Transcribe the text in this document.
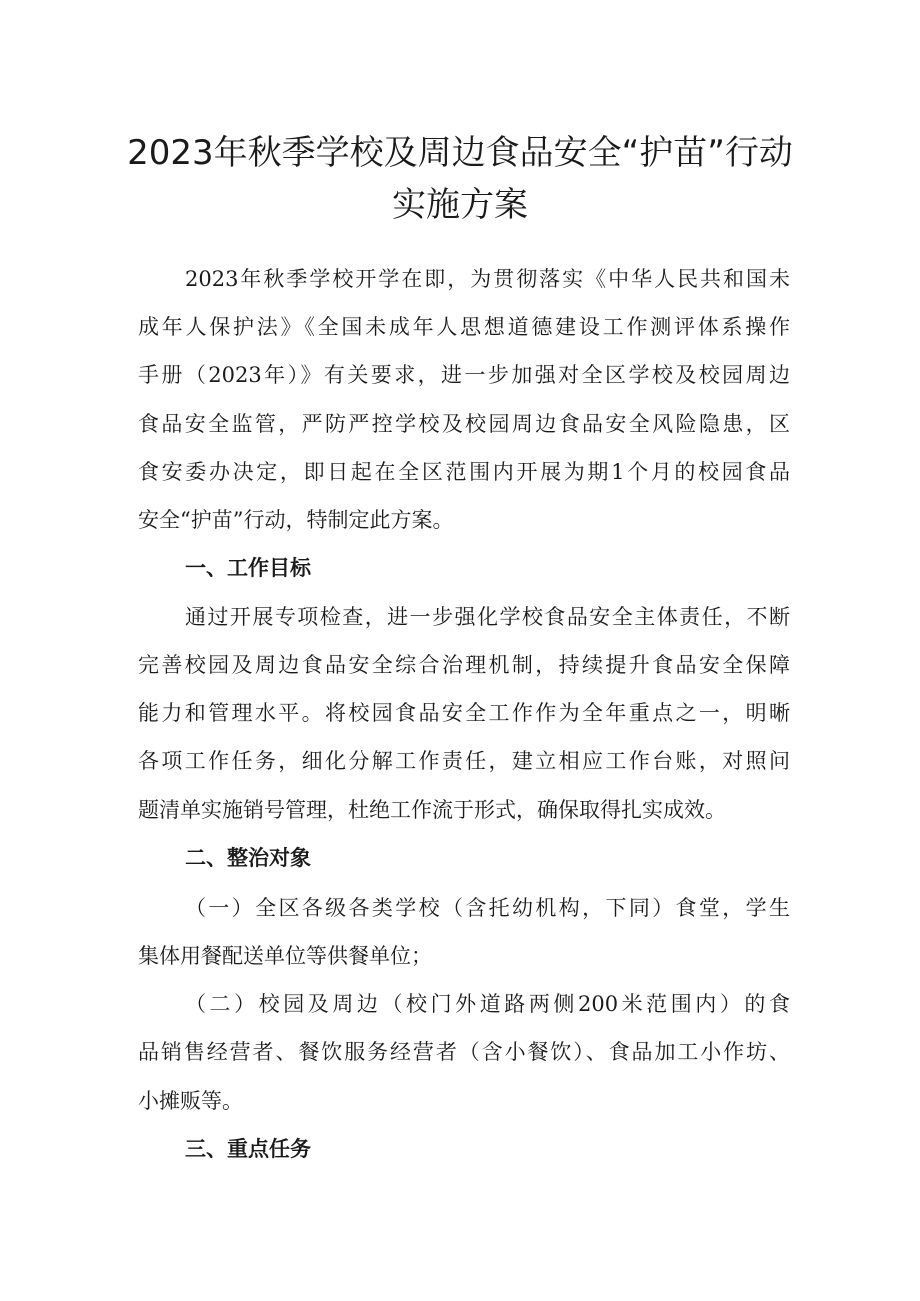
2023年秋季学校及周边食品安全“护苗”行动
实施方案
2023年秋季学校开学在即，为贯彻落实《中华人民共和国未
成年人保护法》《全国未成年人思想道德建设工作测评体系操作
手册（2023年）》有关要求，进一步加强对全区学校及校园周边
食品安全监管，严防严控学校及校园周边食品安全风险隐患，区
食安委办决定，即日起在全区范围内开展为期1个月的校园食品
安全“护苗”行动，特制定此方案。
一、工作目标
通过开展专项检查，进一步强化学校食品安全主体责任，不断
完善校园及周边食品安全综合治理机制，持续提升食品安全保障
能力和管理水平。将校园食品安全工作作为全年重点之一，明晰
各项工作任务，细化分解工作责任，建立相应工作台账，对照问
题清单实施销号管理，杜绝工作流于形式，确保取得扎实成效。
二、整治对象
（一）全区各级各类学校（含托幼机构，下同）食堂，学生
集体用餐配送单位等供餐单位；
（二）校园及周边（校门外道路两侧200米范围内）的食
品销售经营者、餐饮服务经营者（含小餐饮）、食品加工小作坊、
小摊贩等。
三、重点任务
